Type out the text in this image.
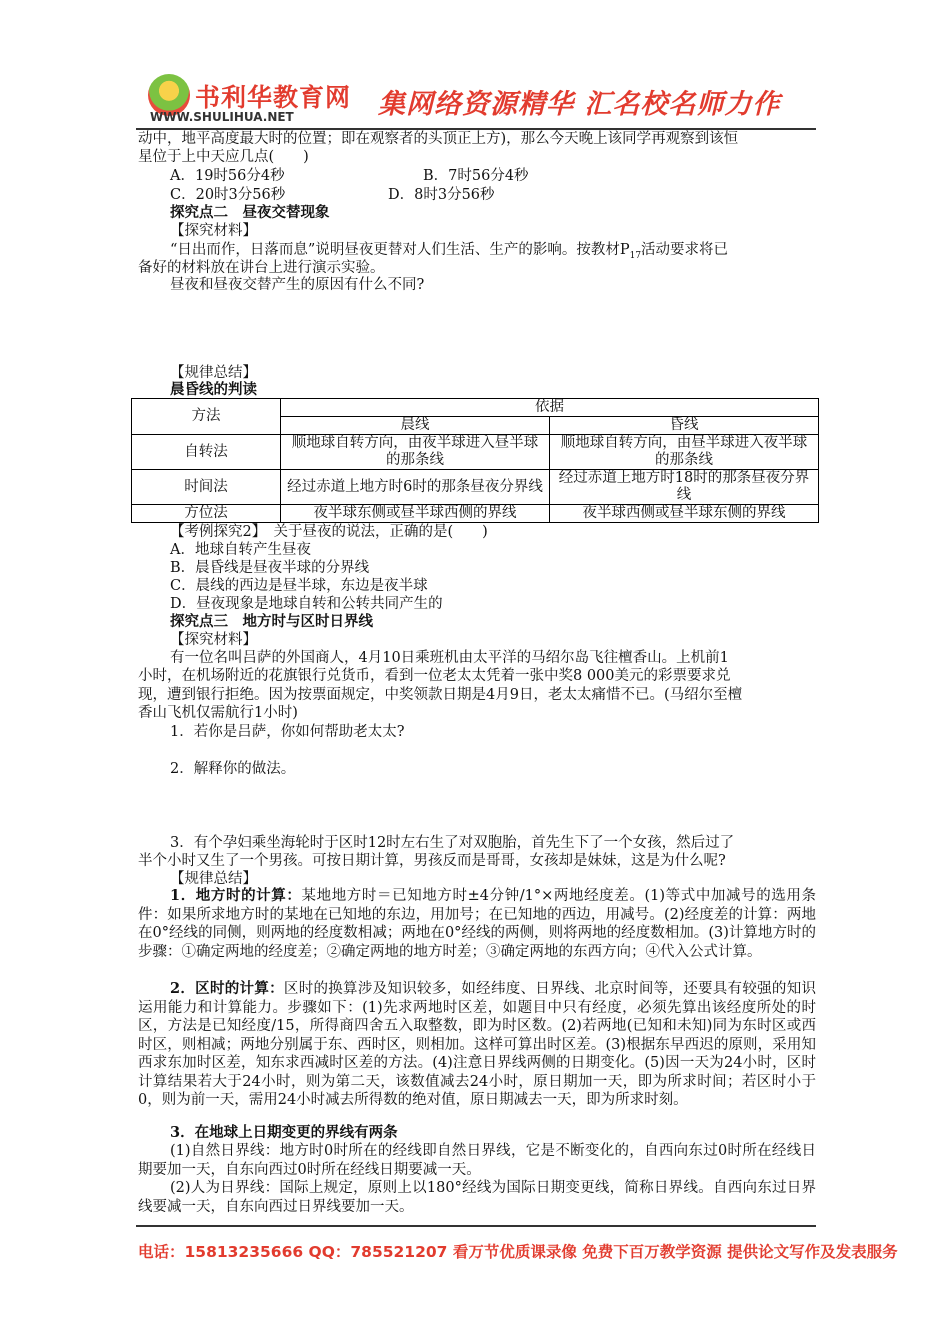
书利华教育网
WWW.SHULIHUA.NET	集网络资源精华 汇名校名师力作
动中，地平高度最大时的位置；即在观察者的头顶正上方)，那么今天晚上该同学再观察到该恒
星位于上中天应几点(　　)
A．19时56分4秒	B．7时56分4秒
C．20时3分56秒	D．8时3分56秒
探究点二　昼夜交替现象
【探究材料】
“日出而作，日落而息”说明昼夜更替对人们生活、生产的影响。按教材$P_{17}$活动要求将已
备好的材料放在讲台上进行演示实验。
昼夜和昼夜交替产生的原因有什么不同?
【规律总结】
晨昏线的判读
方法	依据	
	晨线	昏线
自转法	顺地球自转方向，由夜半球进入昼半球的那条线	顺地球自转方向，由昼半球进入夜半球的那条线
时间法	经过赤道上地方时6时的那条昼夜分界线	经过赤道上地方时18时的那条昼夜分界线
方位法	夜半球东侧或昼半球西侧的界线	夜半球西侧或昼半球东侧的界线
【考例探究2】　关于昼夜的说法，正确的是(　　)
A．地球自转产生昼夜
B．晨昏线是昼夜半球的分界线
C．晨线的西边是昼半球，东边是夜半球
D．昼夜现象是地球自转和公转共同产生的
探究点三　地方时与区时日界线
【探究材料】
有一位名叫吕萨的外国商人，4月10日乘班机由太平洋的马绍尔岛飞往檀香山。上机前1
小时，在机场附近的花旗银行兑货币，看到一位老太太凭着一张中奖8 000美元的彩票要求兑
现，遭到银行拒绝。因为按票面规定，中奖领款日期是4月9日，老太太痛惜不已。(马绍尔至檀
香山飞机仅需航行1小时)
1．若你是吕萨，你如何帮助老太太?
2．解释你的做法。
3．有个孕妇乘坐海轮时于区时12时左右生了对双胞胎，首先生下了一个女孩，然后过了
半个小时又生了一个男孩。可按日期计算，男孩反而是哥哥，女孩却是妹妹，这是为什么呢?
【规律总结】
1．地方时的计算：某地地方时＝已知地方时±4分钟/1°×两地经度差。(1)等式中加减号的选用条件：如果所求地方时的某地在已知地的东边，用加号；在已知地的西边，用减号。(2)经度差的计算：两地在0°经线的同侧，则两地的经度数相减；两地在0°经线的两侧，则将两地的经度数相加。(3)计算地方时的步骤：①确定两地的经度差；②确定两地的地方时差；③确定两地的东西方向；④代入公式计算。
2．区时的计算：区时的换算涉及知识较多，如经纬度、日界线、北京时间等，还要具有较强的知识运用能力和计算能力。步骤如下：(1)先求两地时区差，如题目中只有经度，必须先算出该经度所处的时区，方法是已知经度/15，所得商四舍五入取整数，即为时区数。(2)若两地(已知和未知)同为东时区或西时区，则相减；两地分别属于东、西时区，则相加。这样可算出时区差。(3)根据东早西迟的原则，采用知西求东加时区差，知东求西减时区差的方法。(4)注意日界线两侧的日期变化。(5)因一天为24小时，区时计算结果若大于24小时，则为第二天，该数值减去24小时，原日期加一天，即为所求时间；若区时小于0，则为前一天，需用24小时减去所得数的绝对值，原日期减去一天，即为所求时刻。
3．在地球上日期变更的界线有两条
(1)自然日界线：地方时0时所在的经线即自然日界线，它是不断变化的，自西向东过0时所在经线日期要加一天，自东向西过0时所在经线日期要减一天。
(2)人为日界线：国际上规定，原则上以180°经线为国际日期变更线，简称日界线。自西向东过日界线要减一天，自东向西过日界线要加一天。
电话：15813235666 QQ：785521207 看万节优质课录像 免费下百万教学资源 提供论文写作及发表服务
